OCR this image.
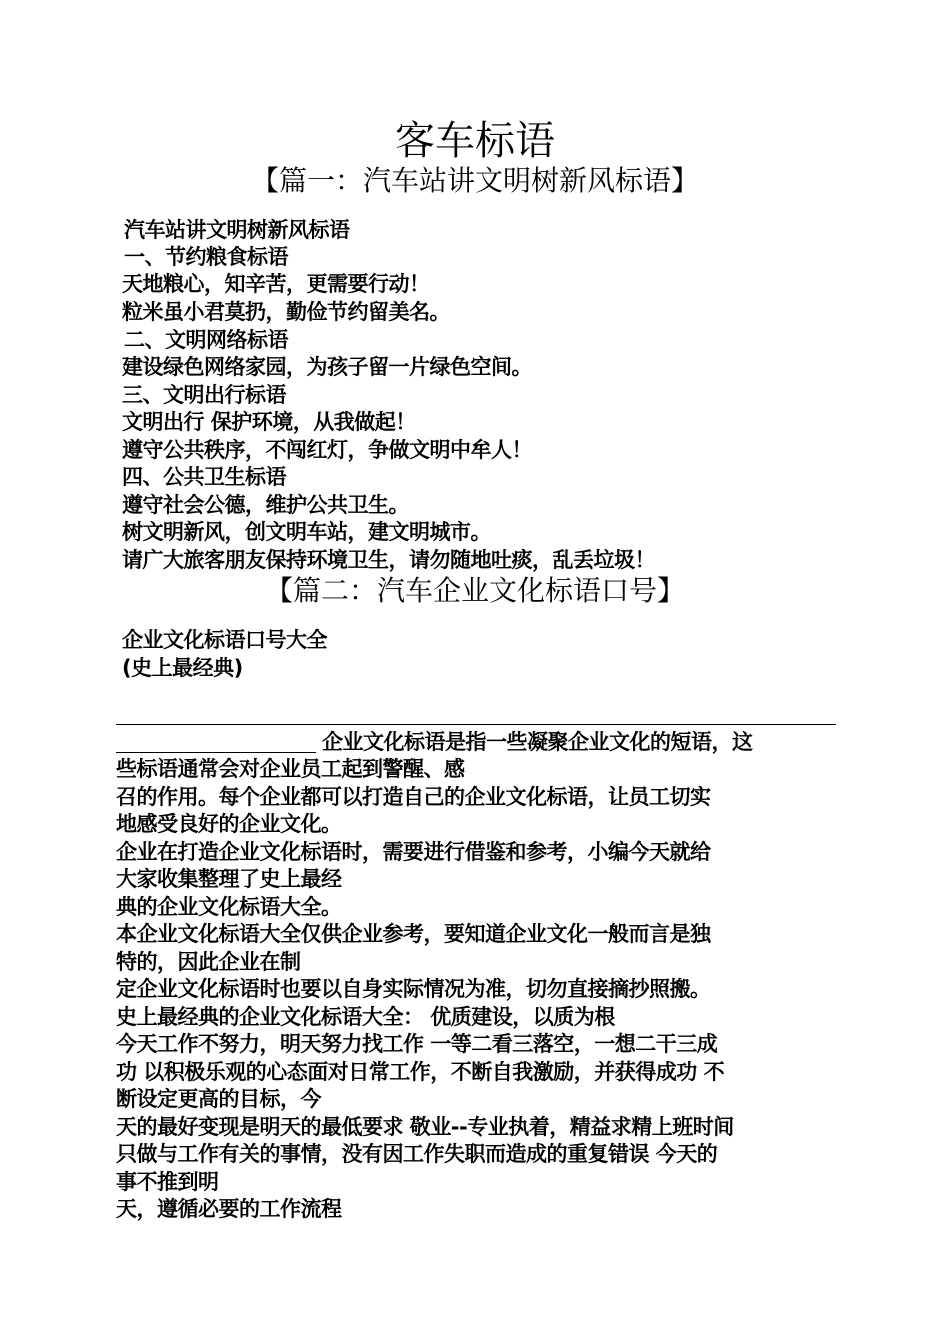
客车标语
【篇一：汽车站讲文明树新风标语】
汽车站讲文明树新风标语
一、节约粮食标语
天地粮心，知辛苦，更需要行动！
粒米虽小君莫扔，勤俭节约留美名。
二、文明网络标语
建设绿色网络家园，为孩子留一片绿色空间。
三、文明出行标语
文明出行 保护环境，从我做起！
遵守公共秩序，不闯红灯，争做文明中牟人！
四、公共卫生标语
遵守社会公德，维护公共卫生。
树文明新风，创文明车站，建文明城市。
请广大旅客朋友保持环境卫生，请勿随地吐痰，乱丢垃圾！
【篇二：汽车企业文化标语口号】
企业文化标语口号大全
(史上最经典)
企业文化标语是指一些凝聚企业文化的短语，这
些标语通常会对企业员工起到警醒、感
召的作用。每个企业都可以打造自己的企业文化标语，让员工切实
地感受良好的企业文化。
企业在打造企业文化标语时，需要进行借鉴和参考，小编今天就给
大家收集整理了史上最经
典的企业文化标语大全。
本企业文化标语大全仅供企业参考，要知道企业文化一般而言是独
特的，因此企业在制
定企业文化标语时也要以自身实际情况为准，切勿直接摘抄照搬。
史上最经典的企业文化标语大全： 优质建设，以质为根
今天工作不努力，明天努力找工作 一等二看三落空，一想二干三成
功 以积极乐观的心态面对日常工作，不断自我激励，并获得成功 不
断设定更高的目标，今
天的最好变现是明天的最低要求 敬业--专业执着，精益求精上班时间
只做与工作有关的事情，没有因工作失职而造成的重复错误 今天的
事不推到明
天，遵循必要的工作流程
